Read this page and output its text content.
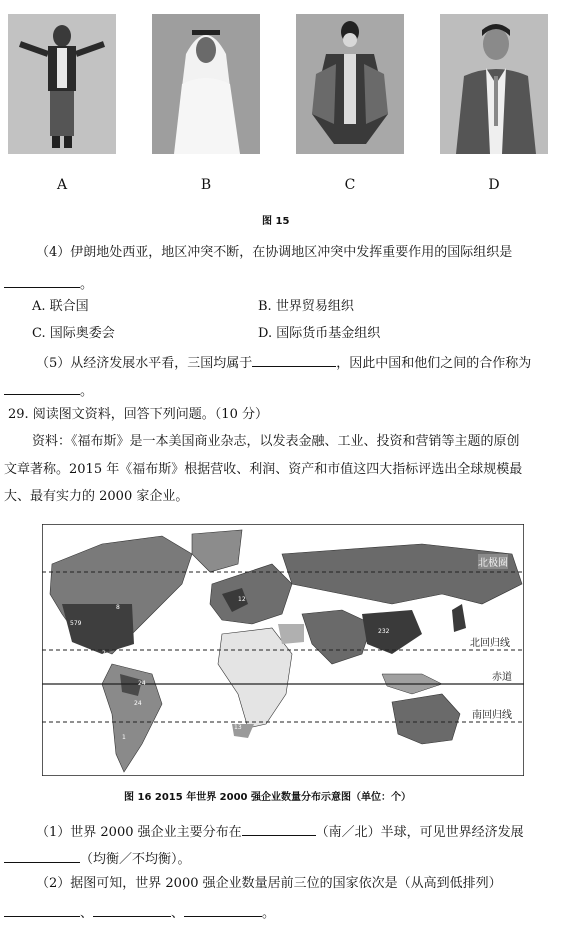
A	B	C	D
图 15
（4）伊朗地处西亚，地区冲突不断，在协调地区冲突中发挥重要作用的国际组织是
。
A. 联合国	B. 世界贸易组织
C. 国际奥委会	D. 国际货币基金组织
（5）从经济发展水平看，三国均属于	，因此中国和他们之间的合作称为
。
29. 阅读图文资料，回答下列问题。（10 分）
资料：《福布斯》是一本美国商业杂志，以发表金融、工业、投资和营销等主题的原创
文章著称。2015 年《福布斯》根据营收、利润、资产和市值这四大指标评选出全球规模最
大、最有实力的 2000 家企业。
北极圈
北回归线
赤道
南回归线
579
1
232
24
2
13
1
8
12
24
图 16 2015 年世界 2000 强企业数量分布示意图（单位：个）
（1）世界 2000 强企业主要分布在	（南／北）半球，可见世界经济发展
（均衡／不均衡）。
（2）据图可知，世界 2000 强企业数量居前三位的国家依次是（从高到低排列）
、	、	。
